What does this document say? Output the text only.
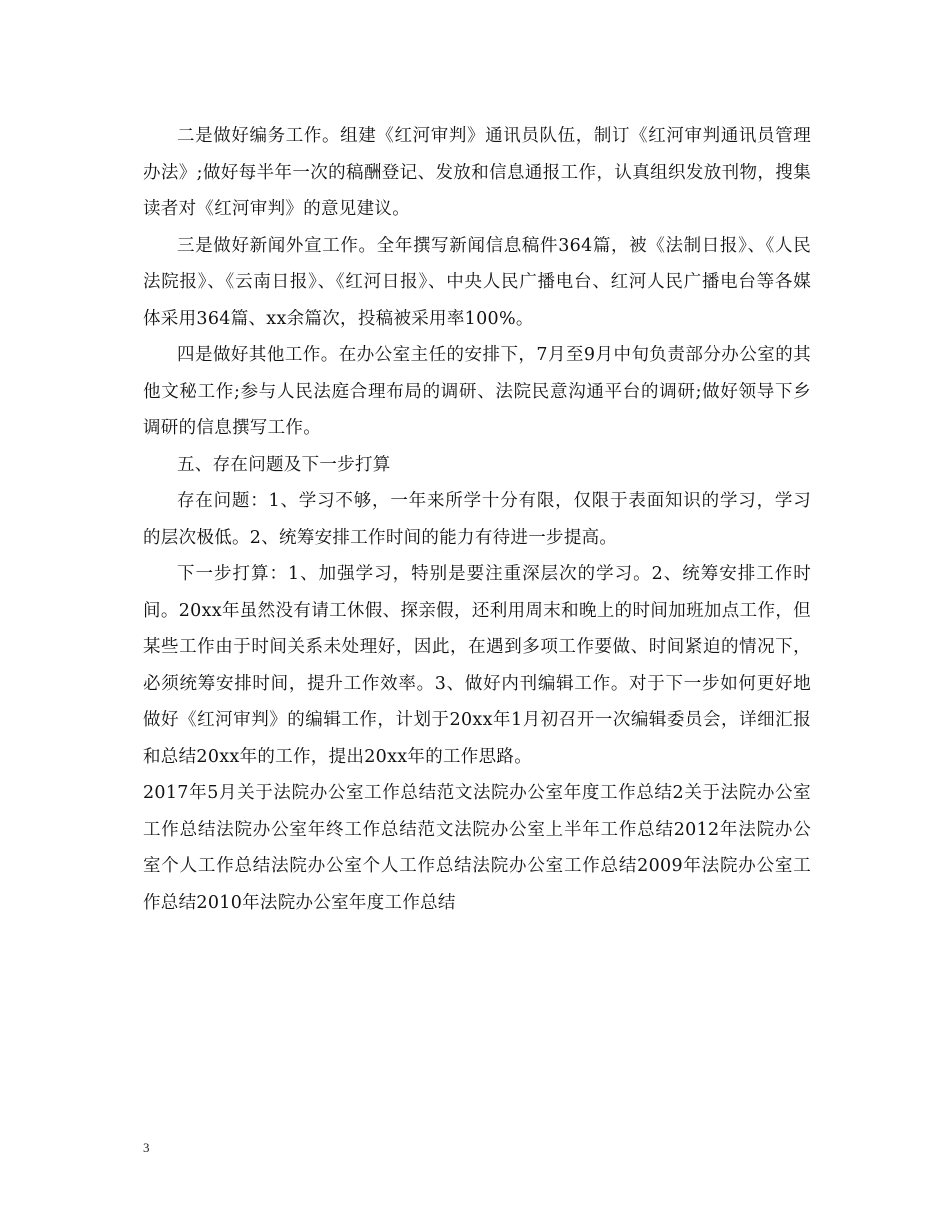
二是做好编务工作。组建《红河审判》通讯员队伍，制订《红河审判通讯员管理办法》;做好每半年一次的稿酬登记、发放和信息通报工作，认真组织发放刊物，搜集读者对《红河审判》的意见建议。

三是做好新闻外宣工作。全年撰写新闻信息稿件364篇，被《法制日报》、《人民法院报》、《云南日报》、《红河日报》、中央人民广播电台、红河人民广播电台等各媒体采用364篇、xx余篇次，投稿被采用率100%。

四是做好其他工作。在办公室主任的安排下，7月至9月中旬负责部分办公室的其他文秘工作;参与人民法庭合理布局的调研、法院民意沟通平台的调研;做好领导下乡调研的信息撰写工作。

五、存在问题及下一步打算

存在问题：1、学习不够，一年来所学十分有限，仅限于表面知识的学习，学习的层次极低。2、统筹安排工作时间的能力有待进一步提高。

下一步打算：1、加强学习，特别是要注重深层次的学习。2、统筹安排工作时间。20xx年虽然没有请工休假、探亲假，还利用周末和晚上的时间加班加点工作，但某些工作由于时间关系未处理好，因此，在遇到多项工作要做、时间紧迫的情况下，必须统筹安排时间，提升工作效率。3、做好内刊编辑工作。对于下一步如何更好地做好《红河审判》的编辑工作，计划于20xx年1月初召开一次编辑委员会，详细汇报和总结20xx年的工作，提出20xx年的工作思路。

2017年5月关于法院办公室工作总结范文法院办公室年度工作总结2关于法院办公室工作总结法院办公室年终工作总结范文法院办公室上半年工作总结2012年法院办公室个人工作总结法院办公室个人工作总结法院办公室工作总结2009年法院办公室工作总结2010年法院办公室年度工作总结

3
